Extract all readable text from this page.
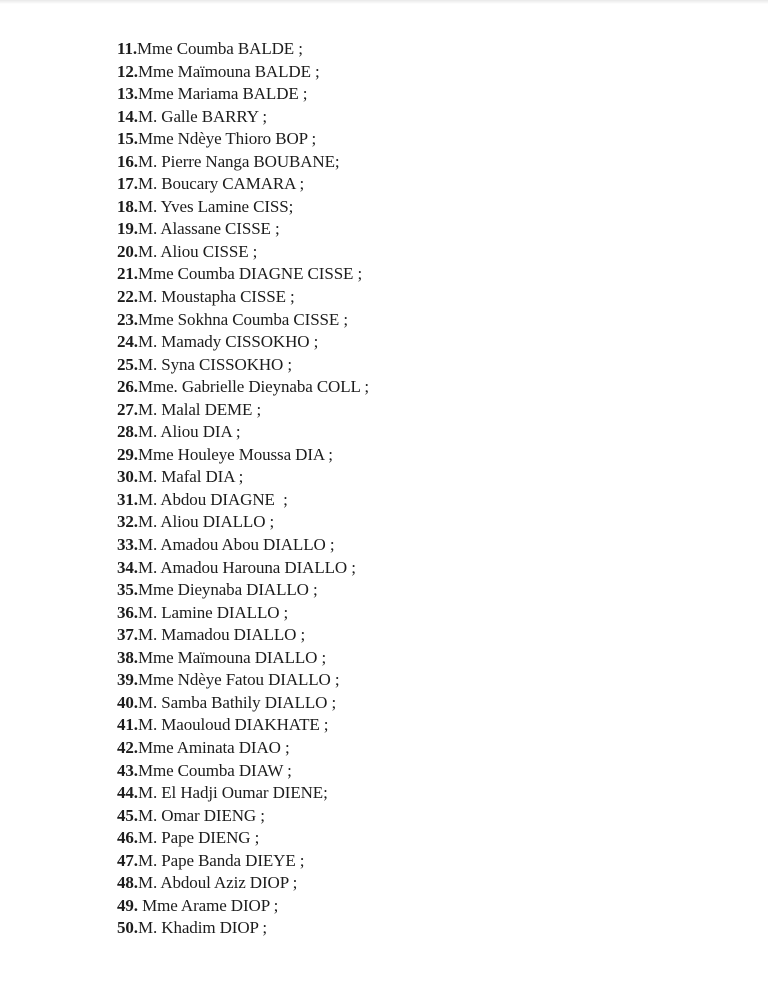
11.Mme Coumba BALDE ;
12.Mme Maïmouna BALDE ;
13.Mme Mariama BALDE ;
14.M. Galle BARRY ;
15.Mme Ndèye Thioro BOP ;
16.M. Pierre Nanga BOUBANE;
17.M. Boucary CAMARA ;
18.M. Yves Lamine CISS;
19.M. Alassane CISSE ;
20.M. Aliou CISSE ;
21.Mme Coumba DIAGNE CISSE ;
22.M. Moustapha CISSE ;
23.Mme Sokhna Coumba CISSE ;
24.M. Mamady CISSOKHO ;
25.M. Syna CISSOKHO ;
26.Mme. Gabrielle Dieynaba COLL ;
27.M. Malal DEME ;
28.M. Aliou DIA ;
29.Mme Houleye Moussa DIA ;
30.M. Mafal DIA ;
31.M. Abdou DIAGNE  ;
32.M. Aliou DIALLO ;
33.M. Amadou Abou DIALLO ;
34.M. Amadou Harouna DIALLO ;
35.Mme Dieynaba DIALLO ;
36.M. Lamine DIALLO ;
37.M. Mamadou DIALLO ;
38.Mme Maïmouna DIALLO ;
39.Mme Ndèye Fatou DIALLO ;
40.M. Samba Bathily DIALLO ;
41.M. Maouloud DIAKHATE ;
42.Mme Aminata DIAO ;
43.Mme Coumba DIAW ;
44.M. El Hadji Oumar DIENE;
45.M. Omar DIENG ;
46.M. Pape DIENG ;
47.M. Pape Banda DIEYE ;
48.M. Abdoul Aziz DIOP ;
49. Mme Arame DIOP ;
50.M. Khadim DIOP ;
